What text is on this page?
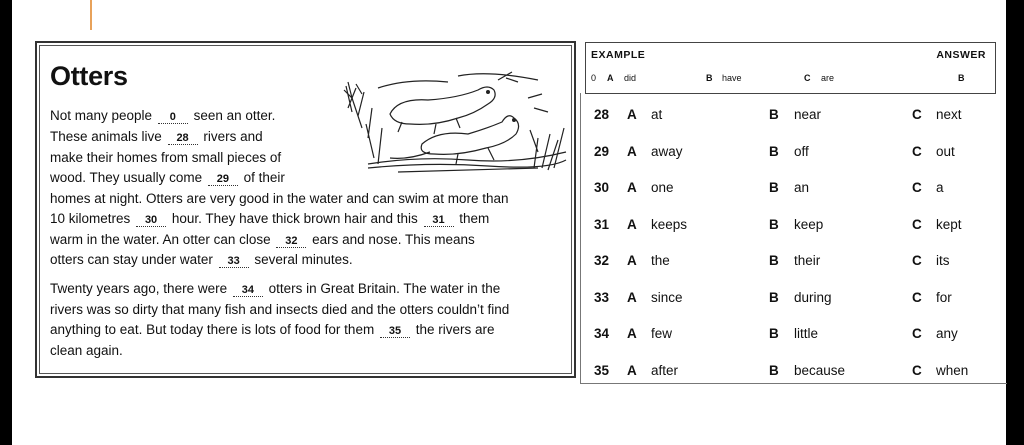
Otters
Not many people 0 seen an otter.
These animals live 28 rivers and
make their homes from small pieces of
wood. They usually come 29 of their
homes at night. Otters are very good in the water and can swim at more than
10 kilometres 30 hour. They have thick brown hair and this 31 them
warm in the water. An otter can close 32 ears and nose. This means
otters can stay under water 33 several minutes.
Twenty years ago, there were 34 otters in Great Britain. The water in the
rivers was so dirty that many fish and insects died and the otters couldn’t find
anything to eat. But today there is lots of food for them 35 the rivers are
clean again.
EXAMPLE	ANSWER
0 A did	B have	C are	B
28 A at	B near	C next
29 A away	B off	C out
30 A one	B an	C a
31 A keeps	B keep	C kept
32 A the	B their	C its
33 A since	B during	C for
34 A few	B little	C any
35 A after	B because	C when
